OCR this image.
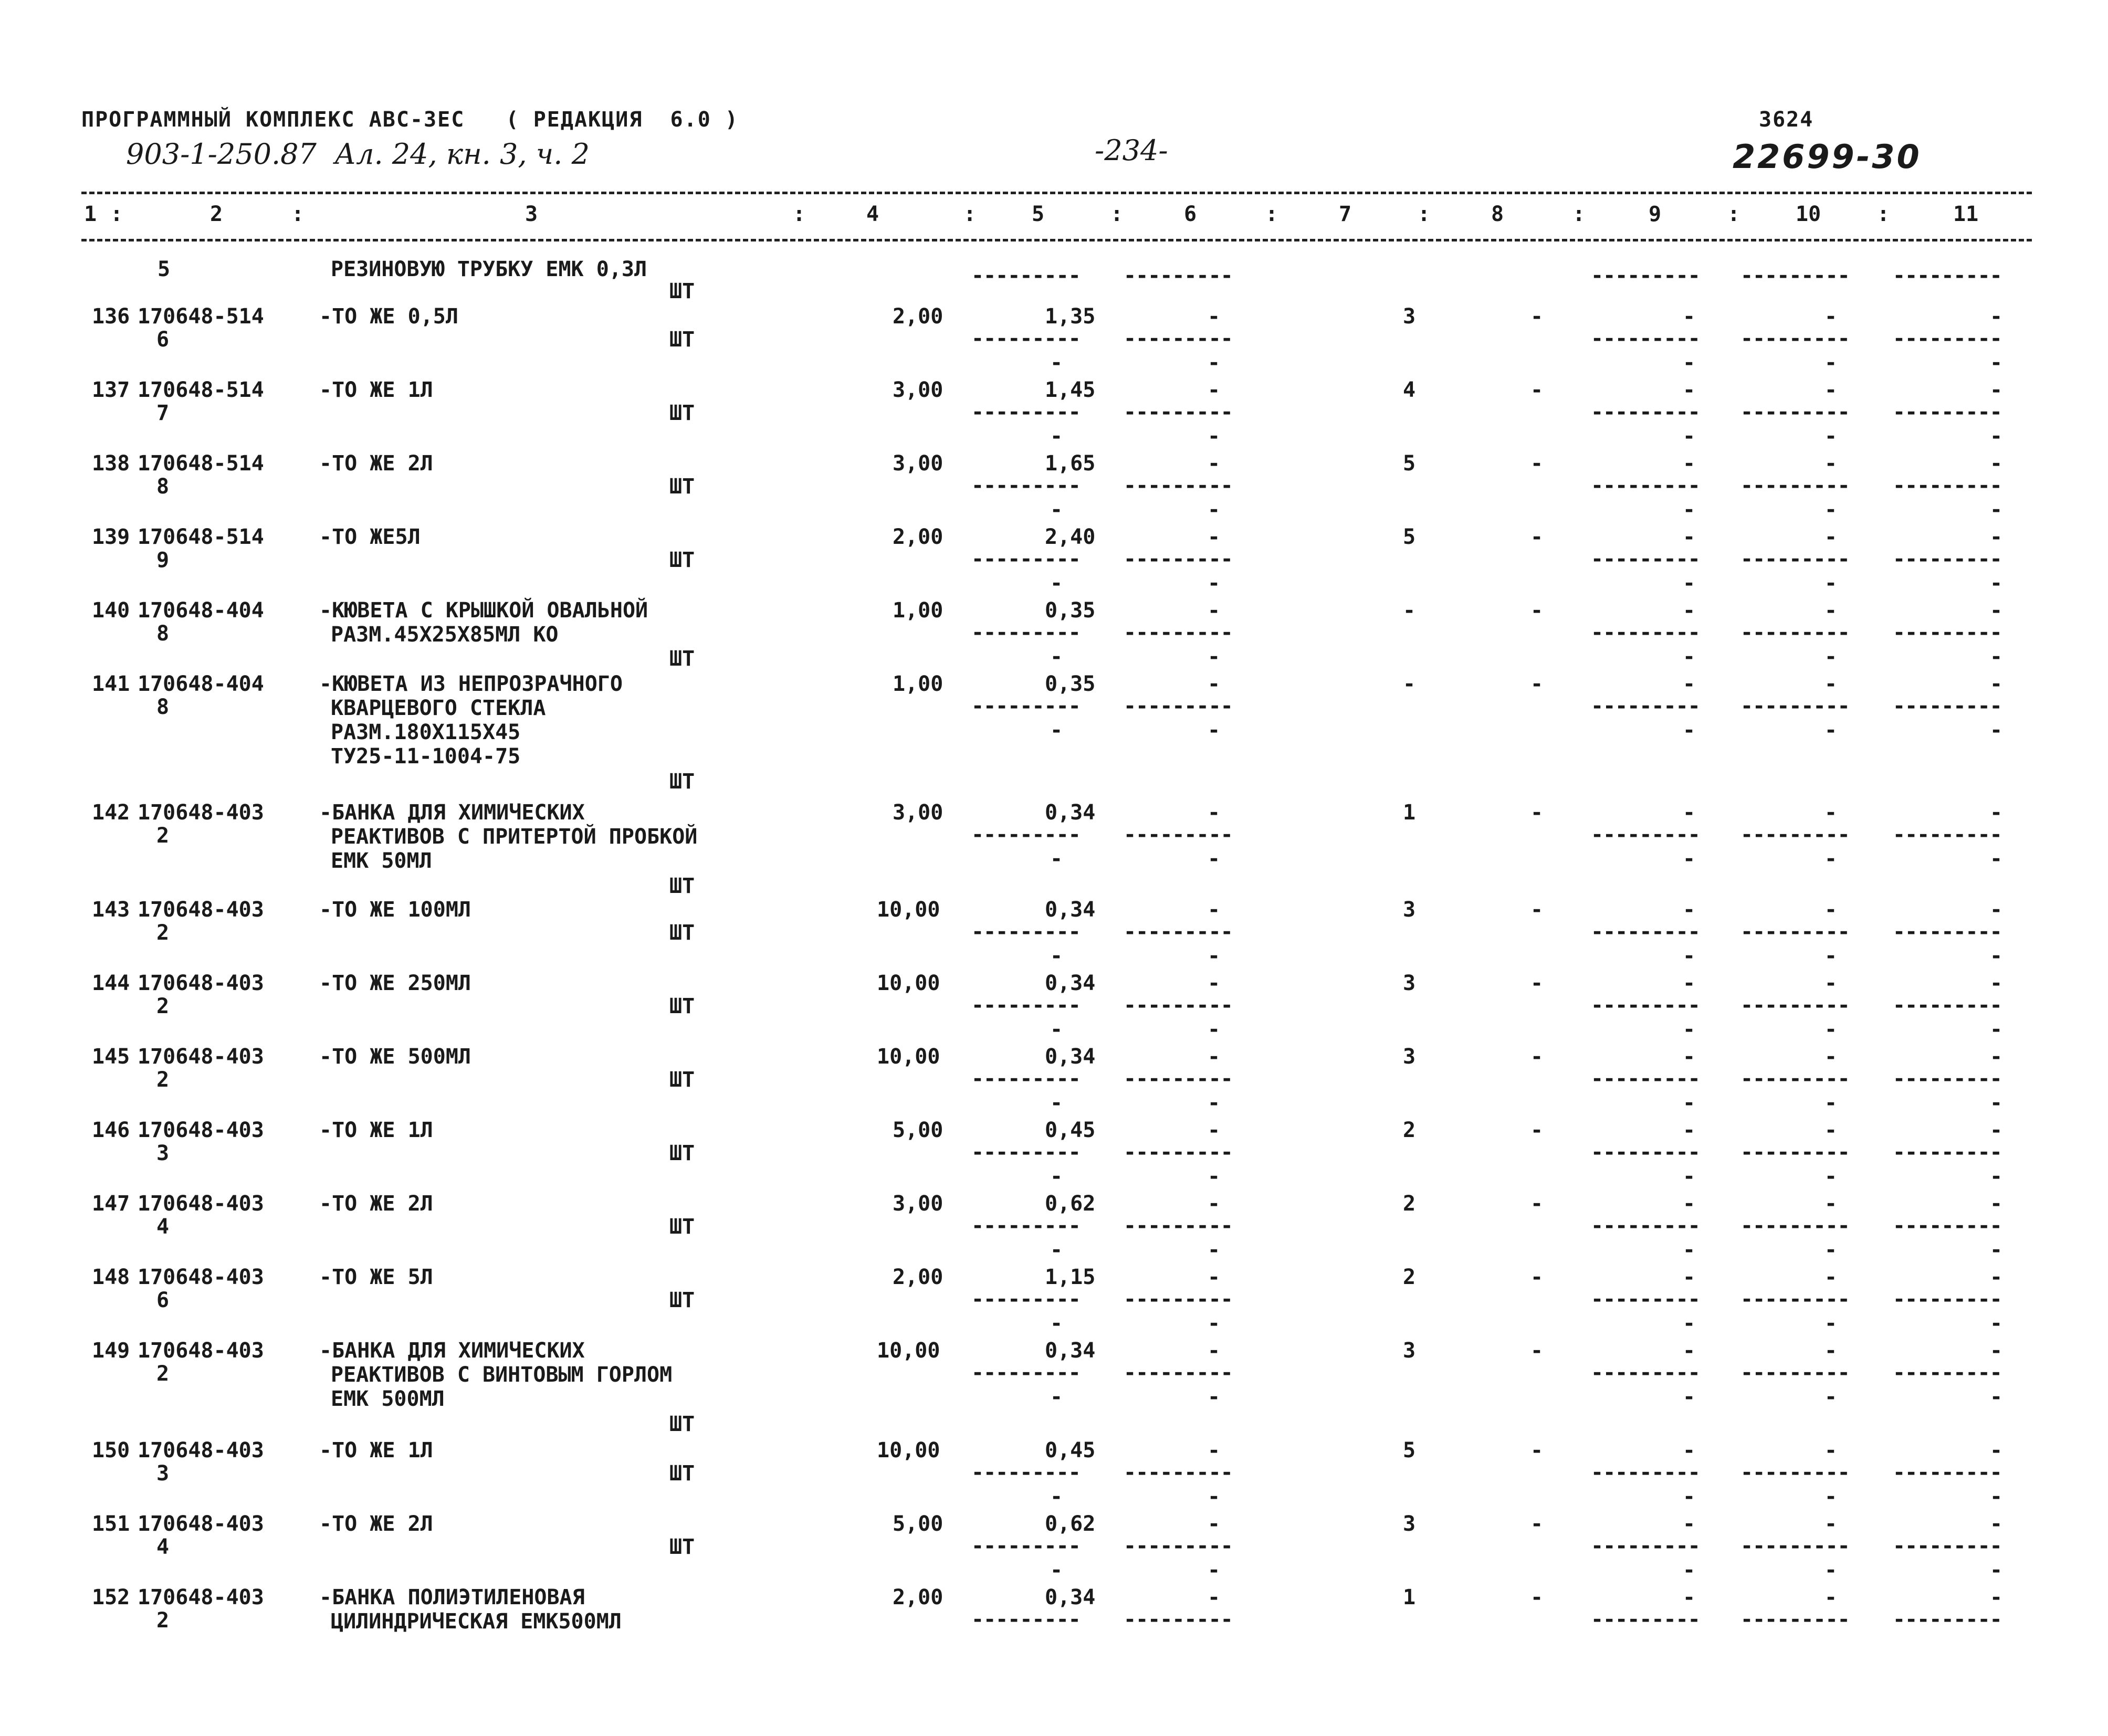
ПРОГРАММНЫЙ КОМПЛЕКС АВС-3ЕС   ( РЕДАКЦИЯ  6.0 )
903-1-250.87  Ал. 24, кн. 3, ч. 2	-234-
3624
22699-30
1 :	2	:	3	:	4	:	5	:	6	:	7	:	8	:	9	:	10	:	11
5	РЕЗИНОВУЮ ТРУБКУ ЕМК 0,3Л
ШТ
--------- ---------	--------- --------- ---------
136 170648-514
6
-ТО ЖЕ 0,5Л
ШТ
2,00	1,35	-	3	-	-	-	-
--------- ---------	--------- --------- ---------
-	-	-	-	-
137 170648-514
7
-ТО ЖЕ 1Л
ШТ
3,00	1,45	-	4	-	-	-	-
--------- ---------	--------- --------- ---------
-	-	-	-	-
138 170648-514
8
-ТО ЖЕ 2Л
ШТ
3,00	1,65	-	5	-	-	-	-
--------- ---------	--------- --------- ---------
-	-	-	-	-
139 170648-514
9
-ТО ЖЕ5Л
ШТ
2,00	2,40	-	5	-	-	-	-
--------- ---------	--------- --------- ---------
-	-	-	-	-
140 170648-404
8
-КЮВЕТА С КРЫШКОЙ ОВАЛЬНОЙ
РАЗМ.45Х25Х85МЛ КО
ШТ
1,00	0,35	-	-	-	-	-	-
--------- ---------	--------- --------- ---------
-	-	-	-	-
141 170648-404
8
-КЮВЕТА ИЗ НЕПРОЗРАЧНОГО
КВАРЦЕВОГО СТЕКЛА
РАЗМ.180Х115Х45
ТУ25-11-1004-75
ШТ
1,00	0,35	-	-	-	-	-	-
--------- ---------	--------- --------- ---------
-	-	-	-	-
142 170648-403
2
-БАНКА ДЛЯ ХИМИЧЕСКИХ
РЕАКТИВОВ С ПРИТЕРТОЙ ПРОБКОЙ
ЕМК 50МЛ
ШТ
3,00	0,34	-	1	-	-	-	-
--------- ---------	--------- --------- ---------
-	-	-	-	-
143 170648-403
2
-ТО ЖЕ 100МЛ
ШТ
10,00	0,34	-	3	-	-	-	-
--------- ---------	--------- --------- ---------
-	-	-	-	-
144 170648-403
2
-ТО ЖЕ 250МЛ
ШТ
10,00	0,34	-	3	-	-	-	-
--------- ---------	--------- --------- ---------
-	-	-	-	-
145 170648-403
2
-ТО ЖЕ 500МЛ
ШТ
10,00	0,34	-	3	-	-	-	-
--------- ---------	--------- --------- ---------
-	-	-	-	-
146 170648-403
3
-ТО ЖЕ 1Л
ШТ
5,00	0,45	-	2	-	-	-	-
--------- ---------	--------- --------- ---------
-	-	-	-	-
147 170648-403
4
-ТО ЖЕ 2Л
ШТ
3,00	0,62	-	2	-	-	-	-
--------- ---------	--------- --------- ---------
-	-	-	-	-
148 170648-403
6
-ТО ЖЕ 5Л
ШТ
2,00	1,15	-	2	-	-	-	-
--------- ---------	--------- --------- ---------
-	-	-	-	-
149 170648-403
2
-БАНКА ДЛЯ ХИМИЧЕСКИХ
РЕАКТИВОВ С ВИНТОВЫМ ГОРЛОМ
ЕМК 500МЛ
ШТ
10,00	0,34	-	3	-	-	-	-
--------- ---------	--------- --------- ---------
-	-	-	-	-
150 170648-403
3
-ТО ЖЕ 1Л
ШТ
10,00	0,45	-	5	-	-	-	-
--------- ---------	--------- --------- ---------
-	-	-	-	-
151 170648-403
4
-ТО ЖЕ 2Л
ШТ
5,00	0,62	-	3	-	-	-	-
--------- ---------	--------- --------- ---------
-	-	-	-	-
152 170648-403
2
-БАНКА ПОЛИЭТИЛЕНОВАЯ
ЦИЛИНДРИЧЕСКАЯ ЕМК500МЛ
2,00	0,34	-	1	-	-	-	-
--------- ---------	--------- --------- ---------
